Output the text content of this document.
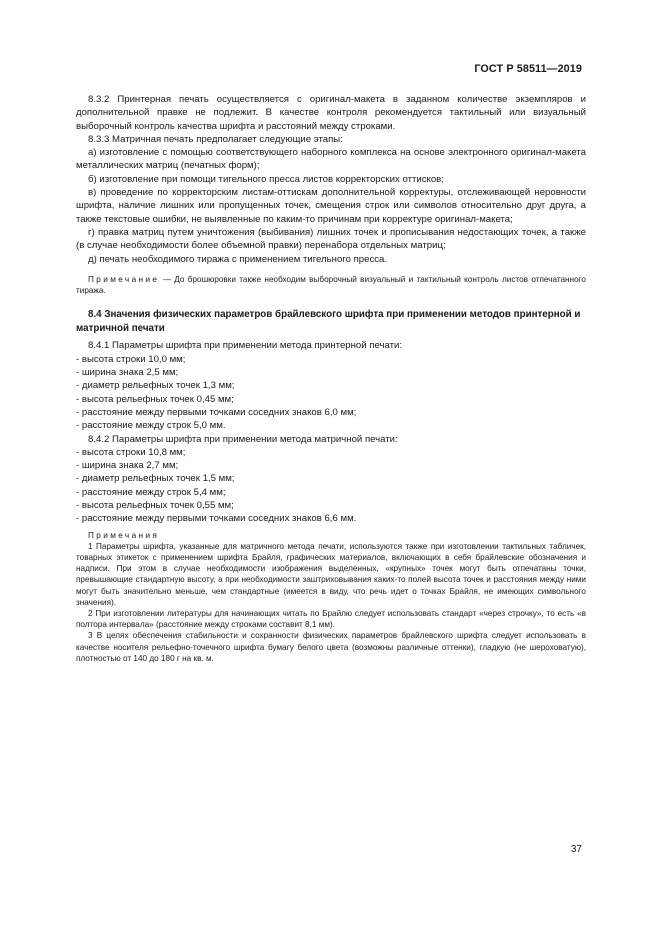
ГОСТ Р 58511—2019

8.3.2 Принтерная печать осуществляется с оригинал-макета в заданном количестве экземпляров и дополнительной правке не подлежит. В качестве контроля рекомендуется тактильный или визуальный выборочный контроль качества шрифта и расстояний между строками.

8.3.3 Матричная печать предполагает следующие этапы:

а) изготовление с помощью соответствующего наборного комплекса на основе электронного оригинал-макета металлических матриц (печатных форм);

б) изготовление при помощи тигельного пресса листов корректорских оттисков;

в) проведение по корректорским листам-оттискам дополнительной корректуры, отслеживающей неровности шрифта, наличие лишних или пропущенных точек, смещения строк или символов относительно друг друга, а также текстовые ошибки, не выявленные по каким-то причинам при корректуре оригинал-макета;

г) правка матриц путем уничтожения (выбивания) лишних точек и прописывания недостающих точек, а также (в случае необходимости более объемной правки) перенабора отдельных матриц;

д) печать необходимого тиража с применением тигельного пресса.

Примечание — До брошюровки также необходим выборочный визуальный и тактильный контроль листов отпечатанного тиража.

8.4 Значения физических параметров брайлевского шрифта при применении методов принтерной и матричной печати

8.4.1 Параметры шрифта при применении метода принтерной печати:

- высота строки 10,0 мм;

- ширина знака 2,5 мм;

- диаметр рельефных точек 1,3 мм;

- высота рельефных точек 0,45 мм;

- расстояние между первыми точками соседних знаков 6,0 мм;

- расстояние между строк 5,0 мм.

8.4.2 Параметры шрифта при применении метода матричной печати:

- высота строки 10,8 мм;

- ширина знака 2,7 мм;

- диаметр рельефных точек 1,5 мм;

- расстояние между строк 5,4 мм;

- высота рельефных точек 0,55 мм;

- расстояние между первыми точками соседних знаков 6,6 мм.

Примечания

1 Параметры шрифта, указанные для матричного метода печати, используются также при изготовлении тактильных табличек, товарных этикеток с применением шрифта Брайля, графических материалов, включающих в себя брайлевские обозначения и надписи. При этом в случае необходимости изображения выделенных, «крупных» точек могут быть отпечатаны точки, превышающие стандартную высоту, а при необходимости заштриховывания каких-то полей высота точек и расстояния между ними могут быть значительно меньше, чем стандартные (имеется в виду, что речь идет о точках Брайля, не имеющих символьного значения).

2 При изготовлении литературы для начинающих читать по Брайлю следует использовать стандарт «через строчку», то есть «в полтора интервала» (расстояние между строками составит 8,1 мм).

3 В целях обеспечения стабильности и сохранности физических параметров брайлевского шрифта следует использовать в качестве носителя рельефно-точечного шрифта бумагу белого цвета (возможны различные оттенки), гладкую (не шероховатую), плотностью от 140 до 180 г на кв. м.

37
